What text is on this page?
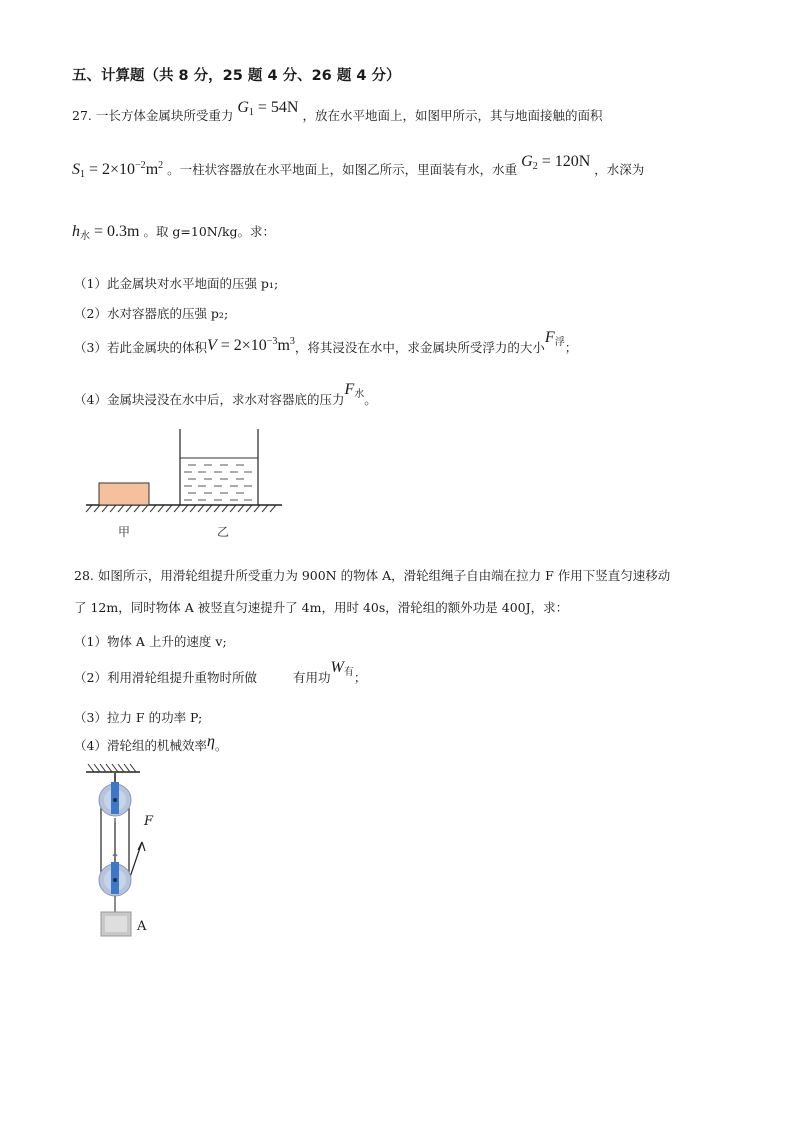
五、计算题（共 8 分，25 题 4 分、26 题 4 分）
27. 一长方体金属块所受重力 $G_1 = 54N$ ，放在水平地面上，如图甲所示，其与地面接触的面积
$S_1 = 2\times 10^{-2}m^2$ 。一柱状容器放在水平地面上，如图乙所示，里面装有水，水重 $G_2 = 120N$ ，水深为
$h_水 = 0.3m$ 。取 g=10N/kg。求：
（1）此金属块对水平地面的压强 p₁;
（2）水对容器底的压强 p₂;
（3）若此金属块的体积$V = 2\times 10^{-3}m^3$，将其浸没在水中，求金属块所受浮力的大小$F_浮$；
（4）金属块浸没在水中后，求水对容器底的压力$F_水$。
甲	乙
28. 如图所示，用滑轮组提升所受重力为 900N 的物体 A，滑轮组绳子自由端在拉力 F 作用下竖直匀速移动
了 12m，同时物体 A 被竖直匀速提升了 4m，用时 40s，滑轮组的额外功是 400J，求：
（1）物体 A 上升的速度 v;
（2）利用滑轮组提升重物时所做	有用功$W_有$；
（3）拉力 F 的功率 P;
（4）滑轮组的机械效率η。
F
A
